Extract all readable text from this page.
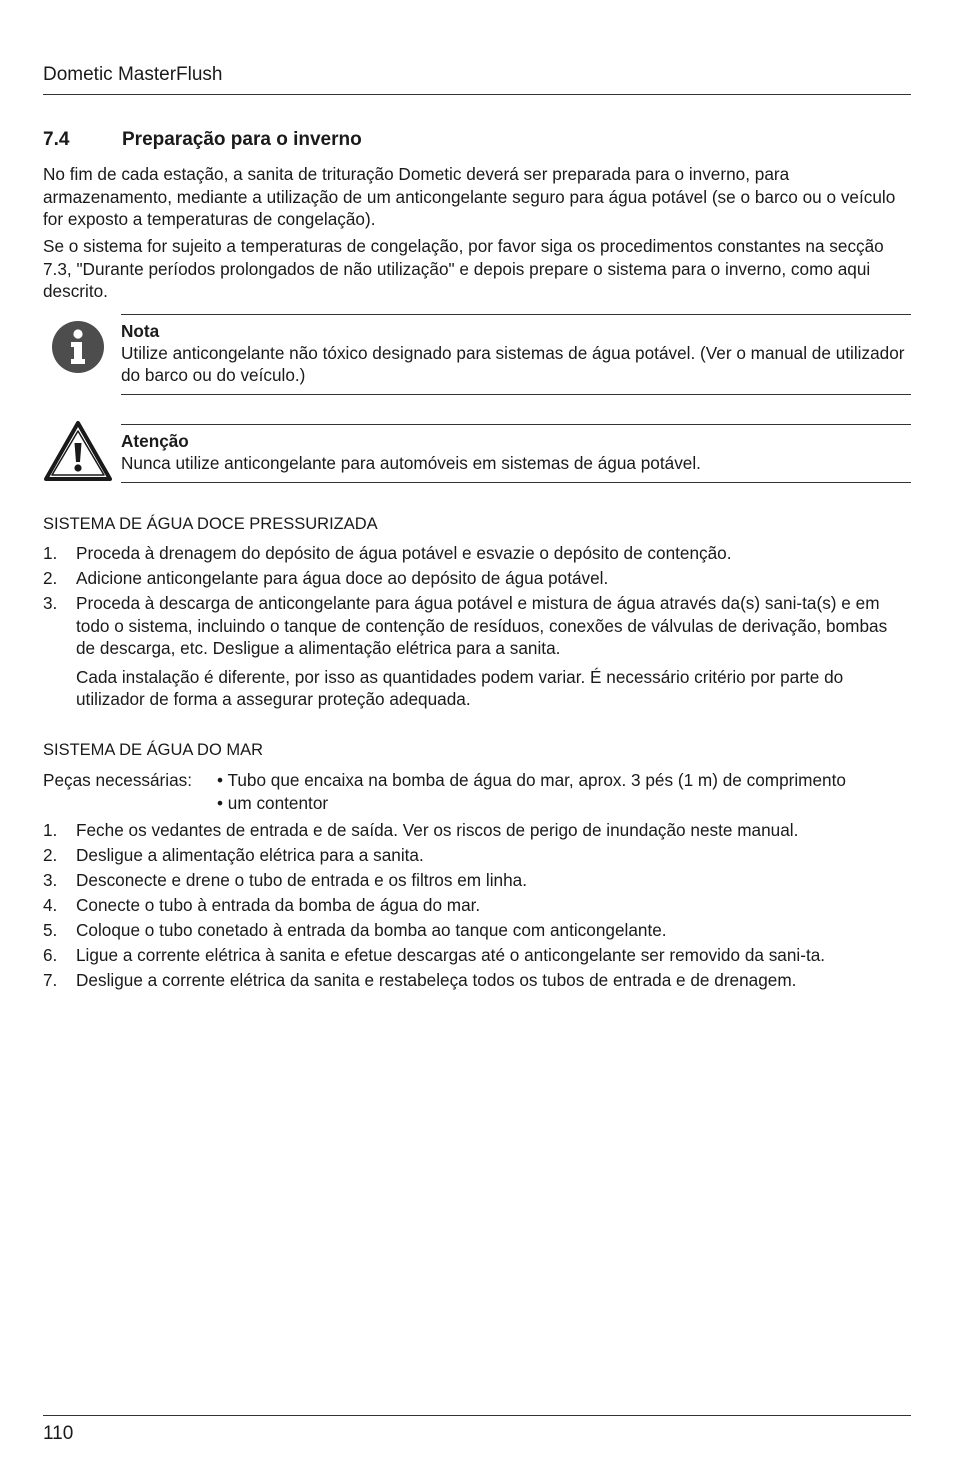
Dometic MasterFlush
7.4	Preparação para o inverno
No fim de cada estação, a sanita de trituração Dometic deverá ser preparada para o inverno, para armazenamento, mediante a utilização de um anticongelante seguro para água potável (se o barco ou o veículo for exposto a temperaturas de congelação).
Se o sistema for sujeito a temperaturas de congelação, por favor siga os procedimentos constantes na secção 7.3, "Durante períodos prolongados de não utilização" e depois prepare o sistema para o inverno, como aqui descrito.
Nota
Utilize anticongelante não tóxico designado para sistemas de água potável. (Ver o manual de utilizador do barco ou do veículo.)
Atenção
Nunca utilize anticongelante para automóveis em sistemas de água potável.
SISTEMA DE ÁGUA DOCE PRESSURIZADA
1. Proceda à drenagem do depósito de água potável e esvazie o depósito de contenção.
2. Adicione anticongelante para água doce ao depósito de água potável.
3. Proceda à descarga de anticongelante para água potável e mistura de água através da(s) sani-ta(s) e em todo o sistema, incluindo o tanque de contenção de resíduos, conexões de válvulas de derivação, bombas de descarga, etc. Desligue a alimentação elétrica para a sanita.
Cada instalação é diferente, por isso as quantidades podem variar. É necessário critério por parte do utilizador de forma a assegurar proteção adequada.
SISTEMA DE ÁGUA DO MAR
Peças necessárias: • Tubo que encaixa na bomba de água do mar, aprox. 3 pés (1 m) de comprimento
• um contentor
1. Feche os vedantes de entrada e de saída. Ver os riscos de perigo de inundação neste manual.
2. Desligue a alimentação elétrica para a sanita.
3. Desconecte e drene o tubo de entrada e os filtros em linha.
4. Conecte o tubo à entrada da bomba de água do mar.
5. Coloque o tubo conetado à entrada da bomba ao tanque com anticongelante.
6. Ligue a corrente elétrica à sanita e efetue descargas até o anticongelante ser removido da sani-ta.
7. Desligue a corrente elétrica da sanita e restabeleça todos os tubos de entrada e de drenagem.
110
